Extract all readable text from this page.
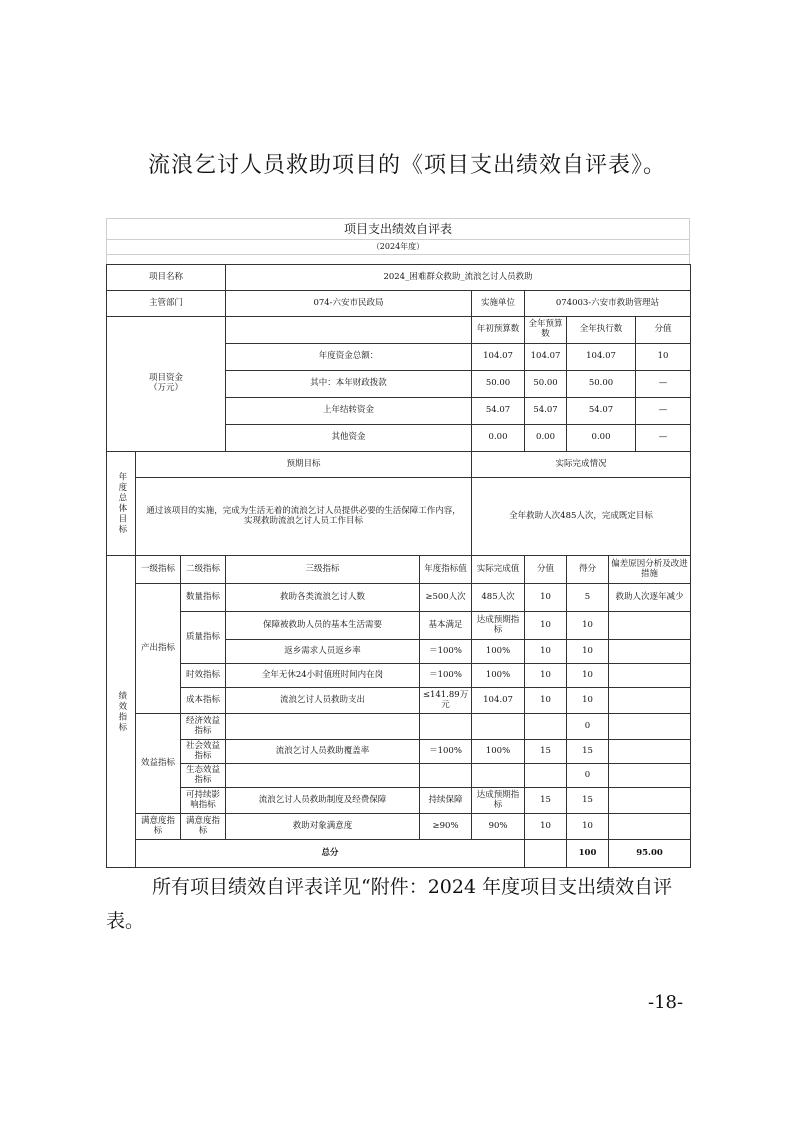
流浪乞讨人员救助项目的《项目支出绩效自评表》。
项目支出绩效自评表
（2024年度）
项目名称	2024_困难群众救助_流浪乞讨人员救助
主管部门	074-六安市民政局	实施单位	074003-六安市救助管理站
项目资金
（万元）		年初预算数	全年预算数		全年执行数	分值

年度资金总额：	104.07	104.07		104.07	10

其中：本年财政拨款	50.00	50.00		50.00	—

上年结转资金	54.07	54.07		54.07	—

其他资金	0.00	0.00		0.00	—

年度总体目标	预期目标	实际完成情况
通过该项目的实施，完成为生活无着的流浪乞讨人员提供必要的生活保障工作内容，实现救助流浪乞讨人员工作目标	全年救助人次485人次，完成既定目标
绩效指标	一级指标	二级指标	三级指标	年度指标值	实际完成值	分值	得分	偏差原因分析及改进措施
产出指标	数量指标	救助各类流浪乞讨人数	≥500人次	485人次	10	5	救助人次逐年减少
质量指标	保障被救助人员的基本生活需要	基本满足	达成预期指标	10	10	
返乡需求人员返乡率	＝100%	100%	10	10	
时效指标	全年无休24小时值班时间内在岗	＝100%	100%	10	10	
成本指标	流浪乞讨人员救助支出	≤141.89万元	104.07	10	10	
效益指标	经济效益指标					0	
社会效益指标	流浪乞讨人员救助覆盖率	＝100%	100%	15	15	
生态效益指标					0	
可持续影响指标	流浪乞讨人员救助制度及经费保障	持续保障	达成预期指标	15	15	
满意度指标	满意度指标	救助对象满意度	≥90%	90%	10	10	
总分		100	95.00	
所有项目绩效自评表详见“附件：2024 年度项目支出绩效自评表。
-18-
